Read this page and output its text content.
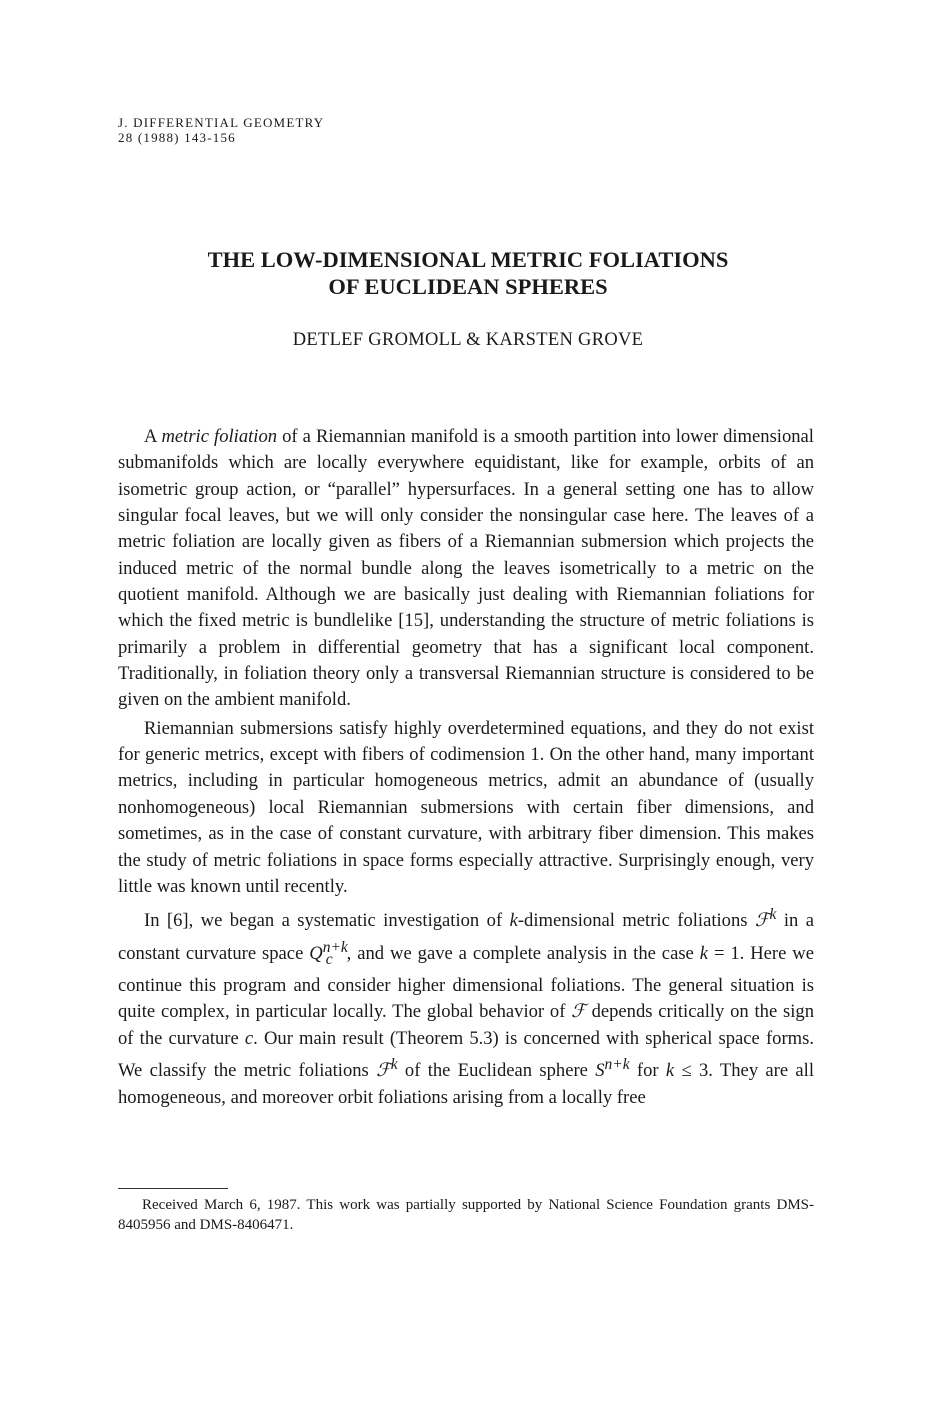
J. DIFFERENTIAL GEOMETRY
28 (1988) 143-156
THE LOW-DIMENSIONAL METRIC FOLIATIONS
OF EUCLIDEAN SPHERES
DETLEF GROMOLL & KARSTEN GROVE

A metric foliation of a Riemannian manifold is a smooth partition into lower dimensional submanifolds which are locally everywhere equidistant, like for example, orbits of an isometric group action, or “parallel” hypersurfaces. In a general setting one has to allow singular focal leaves, but we will only consider the nonsingular case here. The leaves of a metric foliation are locally given as fibers of a Riemannian submersion which projects the induced metric of the normal bundle along the leaves isometrically to a metric on the quotient manifold. Although we are basically just dealing with Riemannian foliations for which the fixed metric is bundlelike [15], understanding the structure of metric foliations is primarily a problem in differential geometry that has a significant local component. Traditionally, in foliation theory only a transversal Riemannian structure is considered to be given on the ambient manifold.

Riemannian submersions satisfy highly overdetermined equations, and they do not exist for generic metrics, except with fibers of codimension 1. On the other hand, many important metrics, including in particular homogeneous metrics, admit an abundance of (usually nonhomogeneous) local Riemannian submersions with certain fiber dimensions, and sometimes, as in the case of constant curvature, with arbitrary fiber dimension. This makes the study of metric foliations in space forms especially attractive. Surprisingly enough, very little was known until recently.

In [6], we began a systematic investigation of k-dimensional metric foliations ℱ$^k$ in a constant curvature space $Q^{n+k}_c$ , and we gave a complete analysis in the case k = 1. Here we continue this program and consider higher dimensional foliations. The general situation is quite complex, in particular locally. The global behavior of ℱ depends critically on the sign of the curvature c. Our main result (Theorem 5.3) is concerned with spherical space forms. We classify the metric foliations ℱ$^k$ of the Euclidean sphere $S^{n+k}$ for k ≤ 3. They are all homogeneous, and moreover orbit foliations arising from a locally free

Received March 6, 1987. This work was partially supported by National Science Foundation grants DMS-8405956 and DMS-8406471.
